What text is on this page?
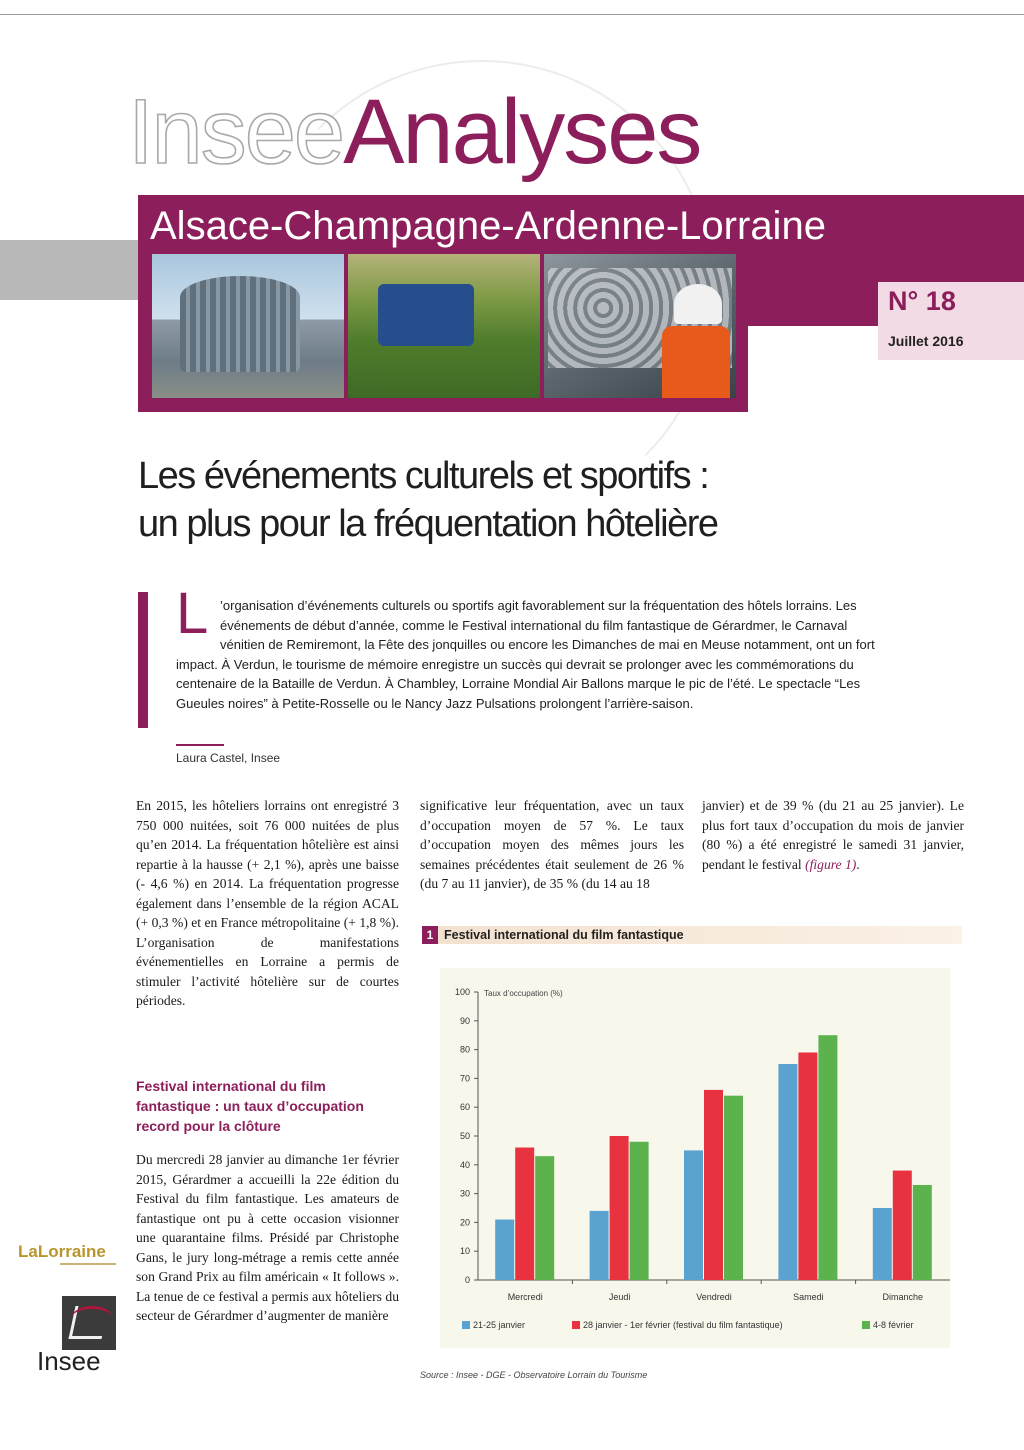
InseeAnalyses
Alsace-Champagne-Ardenne-Lorraine
N° 18
Juillet 2016
Les événements culturels et sportifs :
un plus pour la fréquentation hôtelière
L ’organisation d’événements culturels ou sportifs agit favorablement sur la fréquentation des hôtels lorrains. Les événements de début d’année, comme le Festival international du film fantastique de Gérardmer, le Carnaval vénitien de Remiremont, la Fête des jonquilles ou encore les Dimanches de mai en Meuse notamment, ont un fort impact. À Verdun, le tourisme de mémoire enregistre un succès qui devrait se prolonger avec les commémorations du centenaire de la Bataille de Verdun. À Chambley, Lorraine Mondial Air Ballons marque le pic de l’été. Le spectacle “Les Gueules noires” à Petite-Rosselle ou le Nancy Jazz Pulsations prolongent l’arrière-saison.
Laura Castel, Insee
En 2015, les hôteliers lorrains ont enregistré 3 750 000 nuitées, soit 76 000 nuitées de plus qu’en 2014. La fréquentation hôtelière est ainsi repartie à la hausse (+ 2,1 %), après une baisse (- 4,6 %) en 2014. La fréquentation progresse également dans l’ensemble de la région ACAL (+ 0,3 %) et en France métropolitaine (+ 1,8 %). L’organisation de manifestations événementielles en Lorraine a permis de stimuler l’activité hôtelière sur de courtes périodes.
Festival international du film fantastique : un taux d’occupation record pour la clôture
Du mercredi 28 janvier au dimanche 1er février 2015, Gérardmer a accueilli la 22e édition du Festival du film fantastique. Les amateurs de fantastique ont pu à cette occasion visionner une quarantaine films. Présidé par Christophe Gans, le jury long-métrage a remis cette année son Grand Prix au film américain « It follows ». La tenue de ce festival a permis aux hôteliers du secteur de Gérardmer d’augmenter de manière
significative leur fréquentation, avec un taux d’occupation moyen de 57 %. Le taux d’occupation moyen des mêmes jours les semaines précédentes était seulement de 26 % (du 7 au 11 janvier), de 35 % (du 14 au 18
janvier) et de 39 % (du 21 au 25 janvier). Le plus fort taux d’occupation du mois de janvier (80 %) a été enregistré le samedi 31 janvier, pendant le festival (figure 1).
1 Festival international du film fantastique
Taux d’occupation (%)
0
10
20
30
40
50
60
70
80
90
100
Mercredi	Jeudi	Vendredi	Samedi	Dimanche
21-25 janvier	28 janvier - 1er février (festival du film fantastique)	4-8 février
Source : Insee - DGE - Observatoire Lorrain du Tourisme
LaLorraine
Insee
